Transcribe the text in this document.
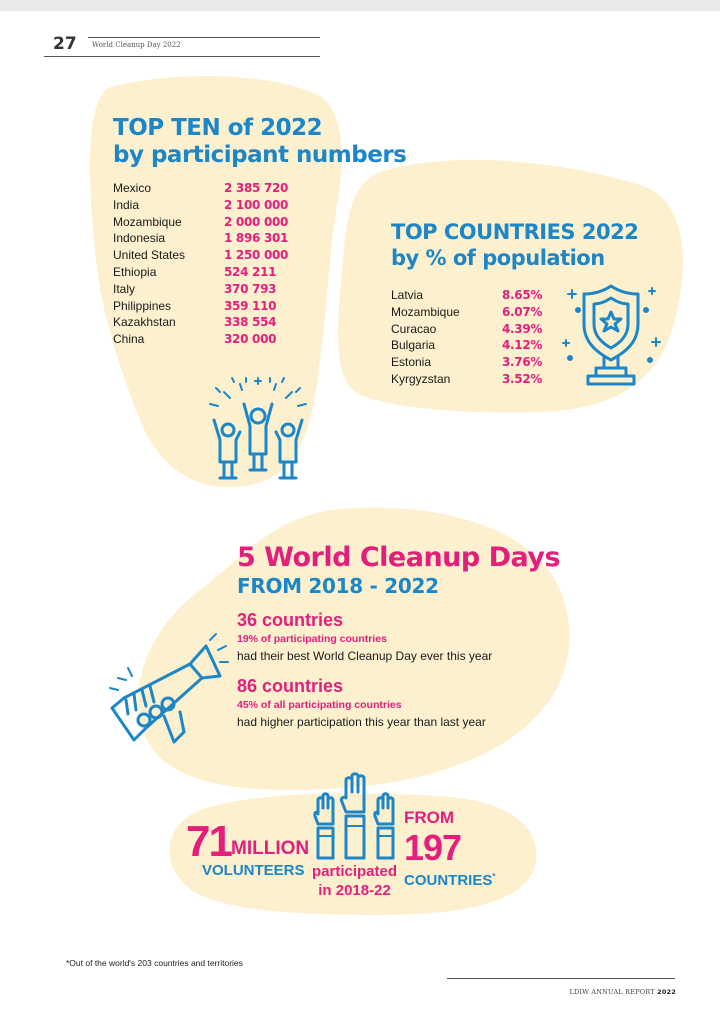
27 World Cleanup Day 2022
TOP TEN of 2022
by participant numbers
Mexico	2 385 720
India	2 100 000
Mozambique	2 000 000
Indonesia	1 896 301
United States	1 250 000
Ethiopia	524 211
Italy	370 793
Philippines	359 110
Kazakhstan	338 554
China	320 000
TOP COUNTRIES 2022
by % of population
Latvia	8.65%
Mozambique	6.07%
Curacao	4.39%
Bulgaria	4.12%
Estonia	3.76%
Kyrgyzstan	3.52%
5 World Cleanup Days
FROM 2018 - 2022
36 countries
19% of participating countries
had their best World Cleanup Day ever this year
86 countries
45% of all participating countries
had higher participation this year than last year
71 MILLION
VOLUNTEERS participated
in 2018-22
FROM
197
COUNTRIES*
*Out of the world's 203 countries and territories
LDIW ANNUAL REPORT 2022
